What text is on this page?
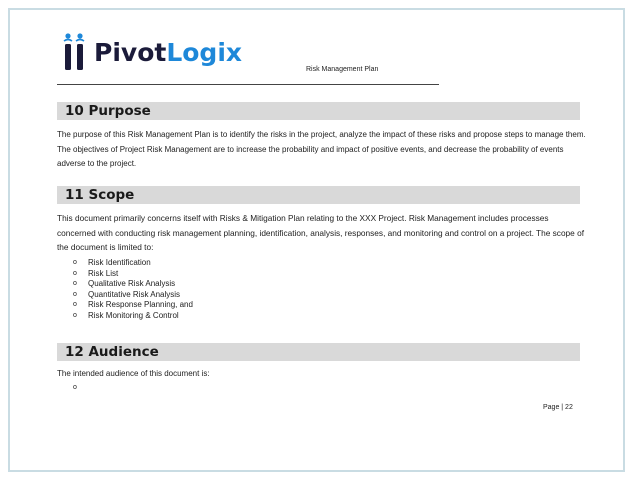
PivotLogix
Risk Management Plan
10 Purpose

The purpose of this Risk Management Plan is to identify the risks in the project, analyze the impact of these risks and propose steps to manage them. The objectives of Project Risk Management are to increase the probability and impact of positive events, and decrease the probability of events adverse to the project.

11 Scope

This document primarily concerns itself with Risks & Mitigation Plan relating to the XXX Project. Risk Management includes processes concerned with conducting risk management planning, identification, analysis, responses, and monitoring and control on a project. The scope of the document is limited to:

o	Risk Identification
o	Risk List
o	Qualitative Risk Analysis
o	Quantitative Risk Analysis
o	Risk Response Planning, and
o	Risk Monitoring & Control
12 Audience

The intended audience of this document is:

o
Page | 22
